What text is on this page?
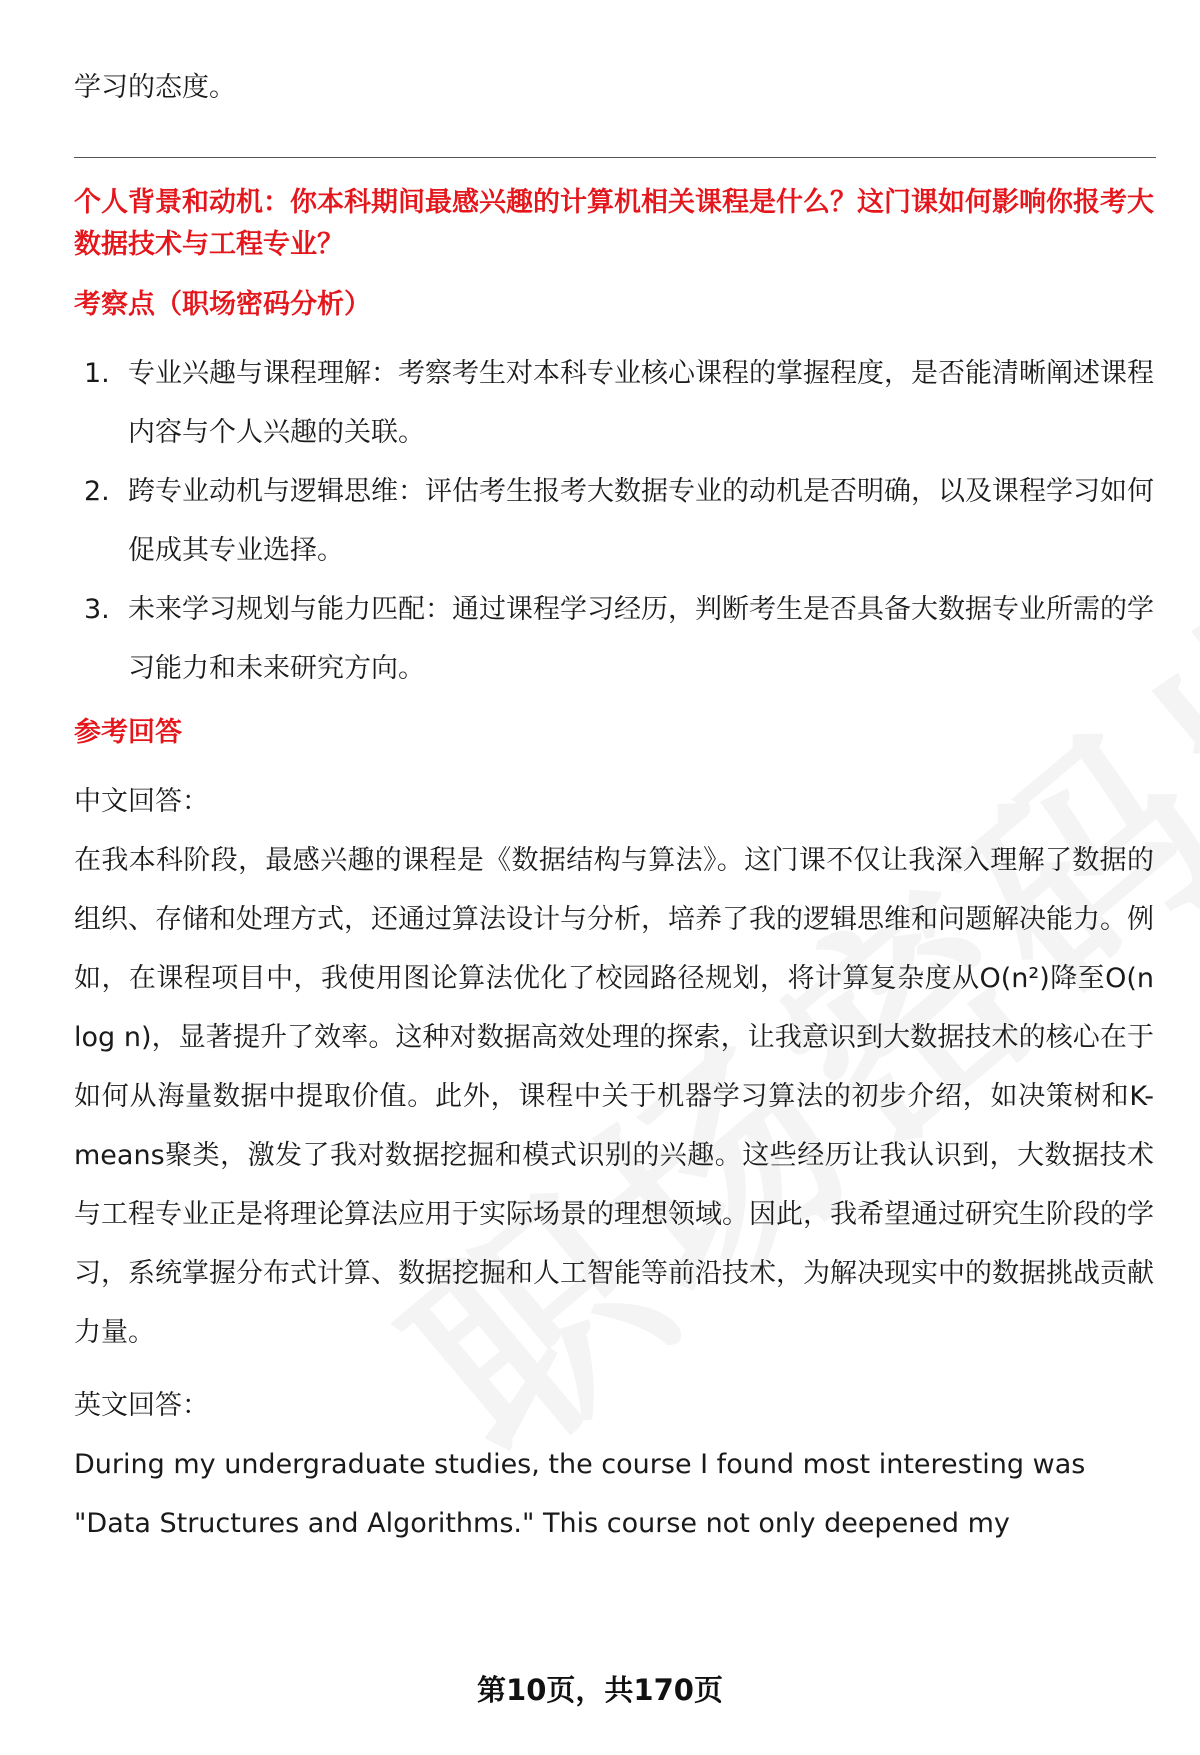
学习的态度。

个人背景和动机：你本科期间最感兴趣的计算机相关课程是什么？这门课如何影响你报考大数据技术与工程专业？

考察点（职场密码分析）

1. 专业兴趣与课程理解：考察考生对本科专业核心课程的掌握程度，是否能清晰阐述课程内容与个人兴趣的关联。
2. 跨专业动机与逻辑思维：评估考生报考大数据专业的动机是否明确，以及课程学习如何促成其专业选择。
3. 未来学习规划与能力匹配：通过课程学习经历，判断考生是否具备大数据专业所需的学习能力和未来研究方向。

参考回答

中文回答：

在我本科阶段，最感兴趣的课程是《数据结构与算法》。这门课不仅让我深入理解了数据的组织、存储和处理方式，还通过算法设计与分析，培养了我的逻辑思维和问题解决能力。例如，在课程项目中，我使用图论算法优化了校园路径规划，将计算复杂度从O(n²)降至O(n log n)，显著提升了效率。这种对数据高效处理的探索，让我意识到大数据技术的核心在于如何从海量数据中提取价值。此外，课程中关于机器学习算法的初步介绍，如决策树和K-means聚类，激发了我对数据挖掘和模式识别的兴趣。这些经历让我认识到，大数据技术与工程专业正是将理论算法应用于实际场景的理想领域。因此，我希望通过研究生阶段的学习，系统掌握分布式计算、数据挖掘和人工智能等前沿技术，为解决现实中的数据挑战贡献力量。

英文回答：

During my undergraduate studies, the course I found most interesting was "Data Structures and Algorithms." This course not only deepened my

第10页，共170页
